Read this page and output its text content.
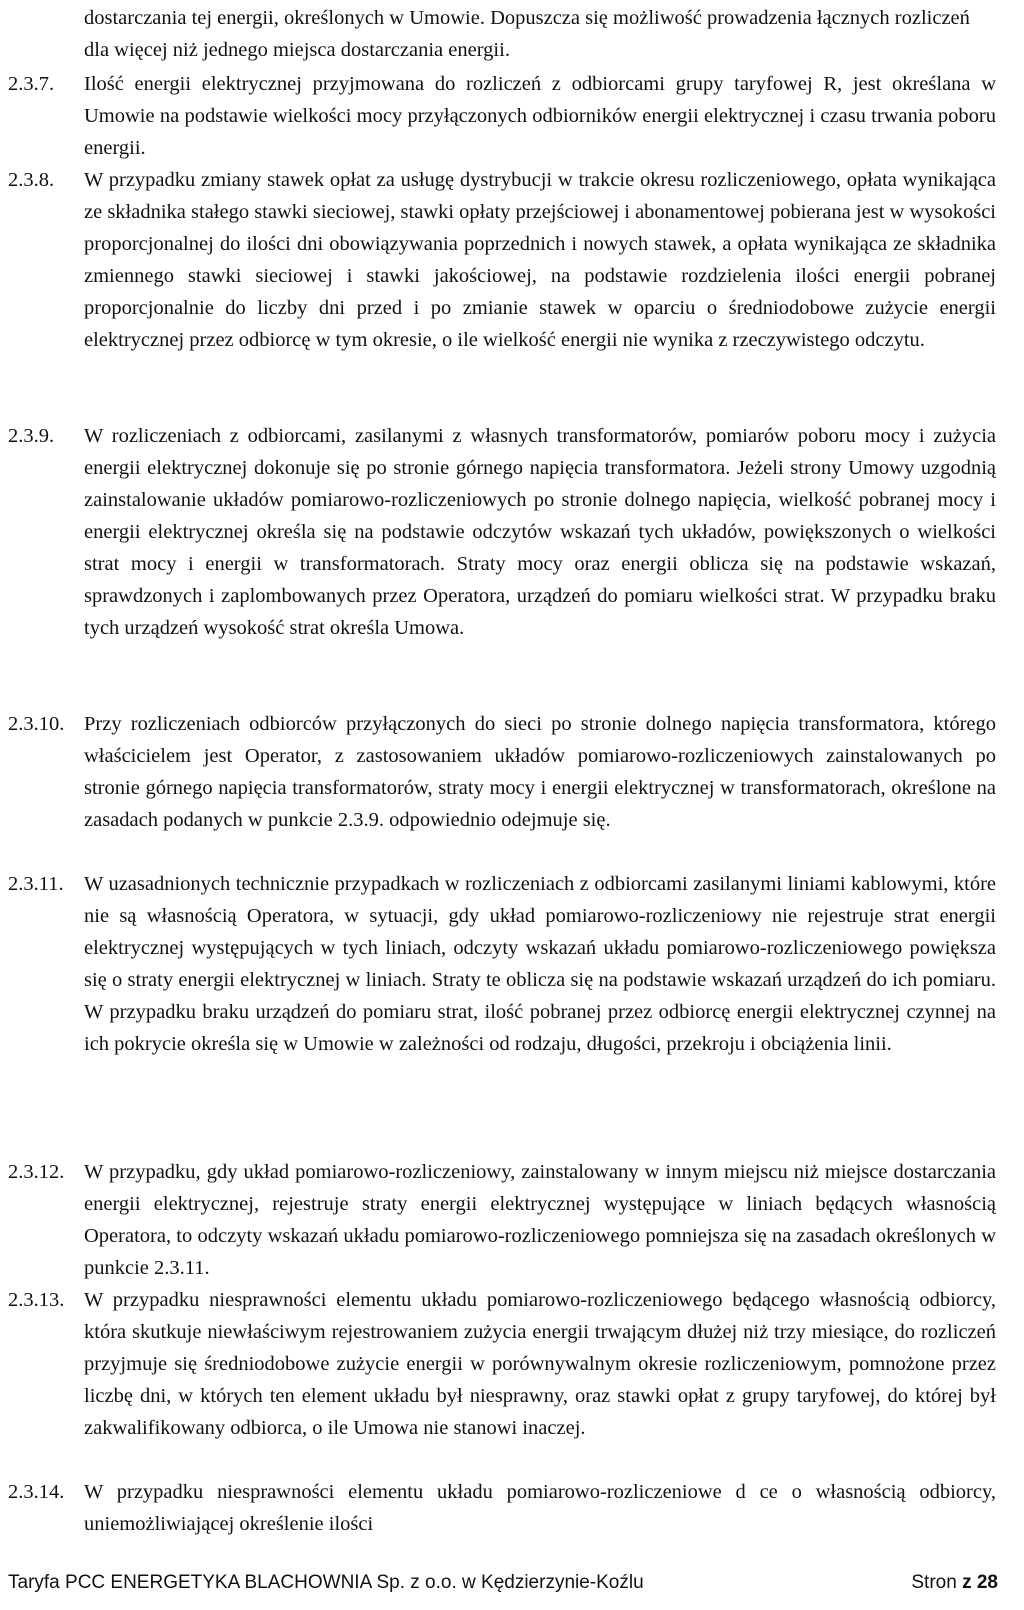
dostarczania tej energii, określonych w Umowie. Dopuszcza się możliwość prowadzenia łącznych rozliczeń dla więcej niż jednego miejsca dostarczania energii.

2.3.7.	Ilość energii elektrycznej przyjmowana do rozliczeń z odbiorcami grupy taryfowej R, jest określana w Umowie na podstawie wielkości mocy przyłączonych odbiorników energii elektrycznej i czasu trwania poboru energii.

2.3.8.	W przypadku zmiany stawek opłat za usługę dystrybucji w trakcie okresu rozliczeniowego, opłata wynikająca ze składnika stałego stawki sieciowej, stawki opłaty przejściowej i abonamentowej pobierana jest w wysokości proporcjonalnej do ilości dni obowiązywania poprzednich i nowych stawek, a opłata wynikająca ze składnika zmiennego stawki sieciowej i stawki jakościowej, na podstawie rozdzielenia ilości energii pobranej proporcjonalnie do liczby dni przed i po zmianie stawek w oparciu o średniodobowe zużycie energii elektrycznej przez odbiorcę w tym okresie, o ile wielkość energii nie wynika z rzeczywistego odczytu.

2.3.9.	W rozliczeniach z odbiorcami, zasilanymi z własnych transformatorów, pomiarów poboru mocy i zużycia energii elektrycznej dokonuje się po stronie górnego napięcia transformatora. Jeżeli strony Umowy uzgodnią zainstalowanie układów pomiarowo-rozliczeniowych po stronie dolnego napięcia, wielkość pobranej mocy i energii elektrycznej określa się na podstawie odczytów wskazań tych układów, powiększonych o wielkości strat mocy i energii w transformatorach. Straty mocy oraz energii oblicza się na podstawie wskazań, sprawdzonych i zaplombowanych przez Operatora, urządzeń do pomiaru wielkości strat. W przypadku braku tych urządzeń wysokość strat określa Umowa.

2.3.10. Przy rozliczeniach odbiorców przyłączonych do sieci po stronie dolnego napięcia transformatora, którego właścicielem jest Operator, z zastosowaniem układów pomiarowo-rozliczeniowych zainstalowanych po stronie górnego napięcia transformatorów, straty mocy i energii elektrycznej w transformatorach, określone na zasadach podanych w punkcie 2.3.9. odpowiednio odejmuje się.

2.3.11. W uzasadnionych technicznie przypadkach w rozliczeniach z odbiorcami zasilanymi liniami kablowymi, które nie są własnością Operatora, w sytuacji, gdy układ pomiarowo-rozliczeniowy nie rejestruje strat energii elektrycznej występujących w tych liniach, odczyty wskazań układu pomiarowo-rozliczeniowego powiększa się o straty energii elektrycznej w liniach. Straty te oblicza się na podstawie wskazań urządzeń do ich pomiaru. W przypadku braku urządzeń do pomiaru strat, ilość pobranej przez odbiorcę energii elektrycznej czynnej na ich pokrycie określa się w Umowie w zależności od rodzaju, długości, przekroju i obciążenia linii.

2.3.12. W przypadku, gdy układ pomiarowo-rozliczeniowy, zainstalowany w innym miejscu niż miejsce dostarczania energii elektrycznej, rejestruje straty energii elektrycznej występujące w liniach będących własnością Operatora, to odczyty wskazań układu pomiarowo-rozliczeniowego pomniejsza się na zasadach określonych w punkcie 2.3.11.

2.3.13. W przypadku niesprawności elementu układu pomiarowo-rozliczeniowego będącego własnością odbiorcy, która skutkuje niewłaściwym rejestrowaniem zużycia energii trwającym dłużej niż trzy miesiące, do rozliczeń przyjmuje się średniodobowe zużycie energii w porównywalnym okresie rozliczeniowym, pomnożone przez liczbę dni, w których ten element układu był niesprawny, oraz stawki opłat z grupy taryfowej, do której był zakwalifikowany odbiorca, o ile Umowa nie stanowi inaczej.

2.3.14. W przypadku niesprawności elementu układu pomiarowo-rozliczeniowe d ce o własnością odbiorcy, uniemożliwiającej określenie ilości

Taryfa PCC ENERGETYKA BLACHOWNIA Sp. z o.o. w Kędzierzynie-Koźlu	Stron z 28
